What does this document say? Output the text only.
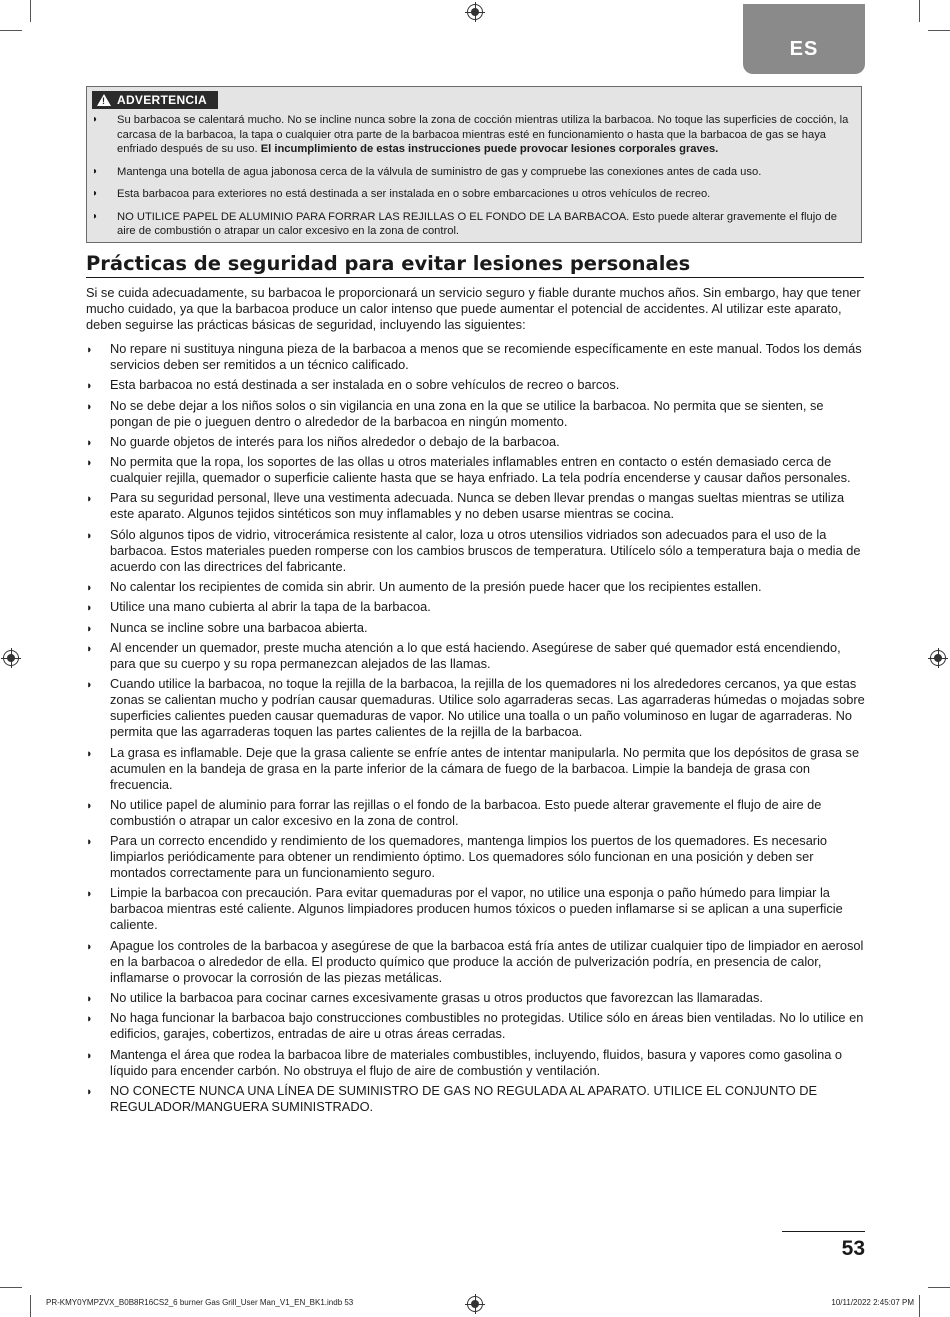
ES
! ADVERTENCIA
◗ Su barbacoa se calentará mucho. No se incline nunca sobre la zona de cocción mientras utiliza la barbacoa. No toque las superficies de cocción, la carcasa de la barbacoa, la tapa o cualquier otra parte de la barbacoa mientras esté en funcionamiento o hasta que la barbacoa de gas se haya enfriado después de su uso. El incumplimiento de estas instrucciones puede provocar lesiones corporales graves.
◗ Mantenga una botella de agua jabonosa cerca de la válvula de suministro de gas y compruebe las conexiones antes de cada uso.
◗ Esta barbacoa para exteriores no está destinada a ser instalada en o sobre embarcaciones u otros vehículos de recreo.
◗ NO UTILICE PAPEL DE ALUMINIO PARA FORRAR LAS REJILLAS O EL FONDO DE LA BARBACOA. Esto puede alterar gravemente el flujo de aire de combustión o atrapar un calor excesivo en la zona de control.
Prácticas de seguridad para evitar lesiones personales

Si se cuida adecuadamente, su barbacoa le proporcionará un servicio seguro y fiable durante muchos años. Sin embargo, hay que tener mucho cuidado, ya que la barbacoa produce un calor intenso que puede aumentar el potencial de accidentes. Al utilizar este aparato, deben seguirse las prácticas básicas de seguridad, incluyendo las siguientes:

◗ No repare ni sustituya ninguna pieza de la barbacoa a menos que se recomiende específicamente en este manual. Todos los demás servicios deben ser remitidos a un técnico calificado.
◗ Esta barbacoa no está destinada a ser instalada en o sobre vehículos de recreo o barcos.
◗ No se debe dejar a los niños solos o sin vigilancia en una zona en la que se utilice la barbacoa. No permita que se sienten, se pongan de pie o jueguen dentro o alrededor de la barbacoa en ningún momento.
◗ No guarde objetos de interés para los niños alrededor o debajo de la barbacoa.
◗ No permita que la ropa, los soportes de las ollas u otros materiales inflamables entren en contacto o estén demasiado cerca de cualquier rejilla, quemador o superficie caliente hasta que se haya enfriado. La tela podría encenderse y causar daños personales.
◗ Para su seguridad personal, lleve una vestimenta adecuada. Nunca se deben llevar prendas o mangas sueltas mientras se utiliza este aparato. Algunos tejidos sintéticos son muy inflamables y no deben usarse mientras se cocina.
◗ Sólo algunos tipos de vidrio, vitrocerámica resistente al calor, loza u otros utensilios vidriados son adecuados para el uso de la barbacoa. Estos materiales pueden romperse con los cambios bruscos de temperatura. Utilícelo sólo a temperatura baja o media de acuerdo con las directrices del fabricante.
◗ No calentar los recipientes de comida sin abrir. Un aumento de la presión puede hacer que los recipientes estallen.
◗ Utilice una mano cubierta al abrir la tapa de la barbacoa.
◗ Nunca se incline sobre una barbacoa abierta.
◗ Al encender un quemador, preste mucha atención a lo que está haciendo. Asegúrese de saber qué quemador está encendiendo, para que su cuerpo y su ropa permanezcan alejados de las llamas.
◗ Cuando utilice la barbacoa, no toque la rejilla de la barbacoa, la rejilla de los quemadores ni los alrededores cercanos, ya que estas zonas se calientan mucho y podrían causar quemaduras. Utilice solo agarraderas secas. Las agarraderas húmedas o mojadas sobre superficies calientes pueden causar quemaduras de vapor. No utilice una toalla o un paño voluminoso en lugar de agarraderas. No permita que las agarraderas toquen las partes calientes de la rejilla de la barbacoa.
◗ La grasa es inflamable. Deje que la grasa caliente se enfríe antes de intentar manipularla. No permita que los depósitos de grasa se acumulen en la bandeja de grasa en la parte inferior de la cámara de fuego de la barbacoa. Limpie la bandeja de grasa con frecuencia.
◗ No utilice papel de aluminio para forrar las rejillas o el fondo de la barbacoa. Esto puede alterar gravemente el flujo de aire de combustión o atrapar un calor excesivo en la zona de control.
◗ Para un correcto encendido y rendimiento de los quemadores, mantenga limpios los puertos de los quemadores. Es necesario limpiarlos periódicamente para obtener un rendimiento óptimo. Los quemadores sólo funcionan en una posición y deben ser montados correctamente para un funcionamiento seguro.
◗ Limpie la barbacoa con precaución. Para evitar quemaduras por el vapor, no utilice una esponja o paño húmedo para limpiar la barbacoa mientras esté caliente. Algunos limpiadores producen humos tóxicos o pueden inflamarse si se aplican a una superficie caliente.
◗ Apague los controles de la barbacoa y asegúrese de que la barbacoa está fría antes de utilizar cualquier tipo de limpiador en aerosol en la barbacoa o alrededor de ella. El producto químico que produce la acción de pulverización podría, en presencia de calor, inflamarse o provocar la corrosión de las piezas metálicas.
◗ No utilice la barbacoa para cocinar carnes excesivamente grasas u otros productos que favorezcan las llamaradas.
◗ No haga funcionar la barbacoa bajo construcciones combustibles no protegidas. Utilice sólo en áreas bien ventiladas. No lo utilice en edificios, garajes, cobertizos, entradas de aire u otras áreas cerradas.
◗ Mantenga el área que rodea la barbacoa libre de materiales combustibles, incluyendo, fluidos, basura y vapores como gasolina o líquido para encender carbón. No obstruya el flujo de aire de combustión y ventilación.
◗ NO CONECTE NUNCA UNA LÍNEA DE SUMINISTRO DE GAS NO REGULADA AL APARATO. UTILICE EL CONJUNTO DE REGULADOR/MANGUERA SUMINISTRADO.
53
PR-KMY0YMPZVX_B0B8R16CS2_6 burner Gas Grill_User Man_V1_EN_BK1.indb 53	10/11/2022 2:45:07 PM
